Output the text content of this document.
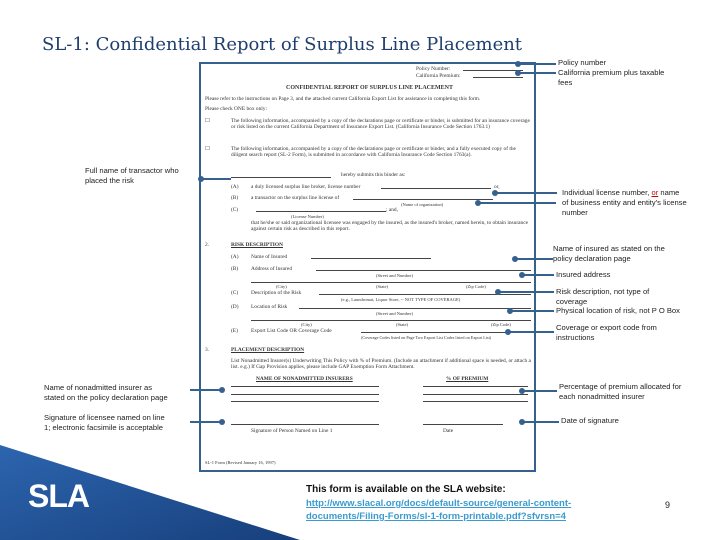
SL-1: Confidential Report of Surplus Line Placement
Policy Number:
California Premium:
CONFIDENTIAL REPORT OF SURPLUS LINE PLACEMENT
Please refer to the instructions on Page 3, and the attached current California Export List for assistance in completing this form.
Please check ONE box only:
☐	The following information, accompanied by a copy of the declarations page or certificate or binder, is submitted for an insurance coverage or risk listed on the current California Department of Insurance Export List. (California Insurance Code Section 1763.1)
☐	The following information, accompanied by a copy of the declarations page or certificate or binder, and a fully executed copy of the diligent search report (SL-2 Form), is submitted in accordance with California Insurance Code Section 1763(a).
hereby submits this binder as:
(A) a duly licensed surplus line broker, license number	or,
(B) a transactor on the surplus line license of
(Name of organization)
(C)	; and,
(License Number)
that he/she or said organizational licensee was engaged by the insured, as the insured's broker, named herein, to obtain insurance against certain risk as described in this report.
2.	RISK DESCRIPTION
(A) Name of Insured
(B) Address of Insured
(Street and Number)
(City)	(State)	(Zip Code)
(C) Description of the Risk
(e.g., Laundromat, Liquor Store, -- NOT TYPE OF COVERAGE)
(D) Location of Risk
(Street and Number)
(City)	(State)	(Zip Code)
(E) Export List Code OR Coverage Code
(Coverage Codes listed on Page Two Export List Codes listed on Export List)
3.	PLACEMENT DESCRIPTION
List Nonadmitted Insurer(s) Underwriting This Policy with % of Premium. (Include an attachment if additional space is needed, or attach a list. e.g.) If Gap Provision applies, please include GAP Exemption Form Attachment.
NAME OF NONADMITTED INSURERS	% OF PREMIUM
Signature of Person Named on Line 1	Date
SL-1 Form (Revised January 16, 1997)
Full name of transactor who placed the risk
Name of nonadmitted insurer as stated on the policy declaration page
Signature of licensee named on line 1; electronic facsimile is acceptable
Policy number
California premium plus taxable fees
Individual license number, or name of business entity and entity's license number
Name of insured as stated on the policy declaration page
Insured address
Risk description, not type of coverage
Physical location of risk, not P O Box
Coverage or export code from instructions
Percentage of premium allocated for each nonadmitted insurer
Date of signature
SLA	This form is available on the SLA website:
http://www.slacal.org/docs/default-source/general-content-documents/Filing-Forms/sl-1-form-printable.pdf?sfvrsn=4
9
